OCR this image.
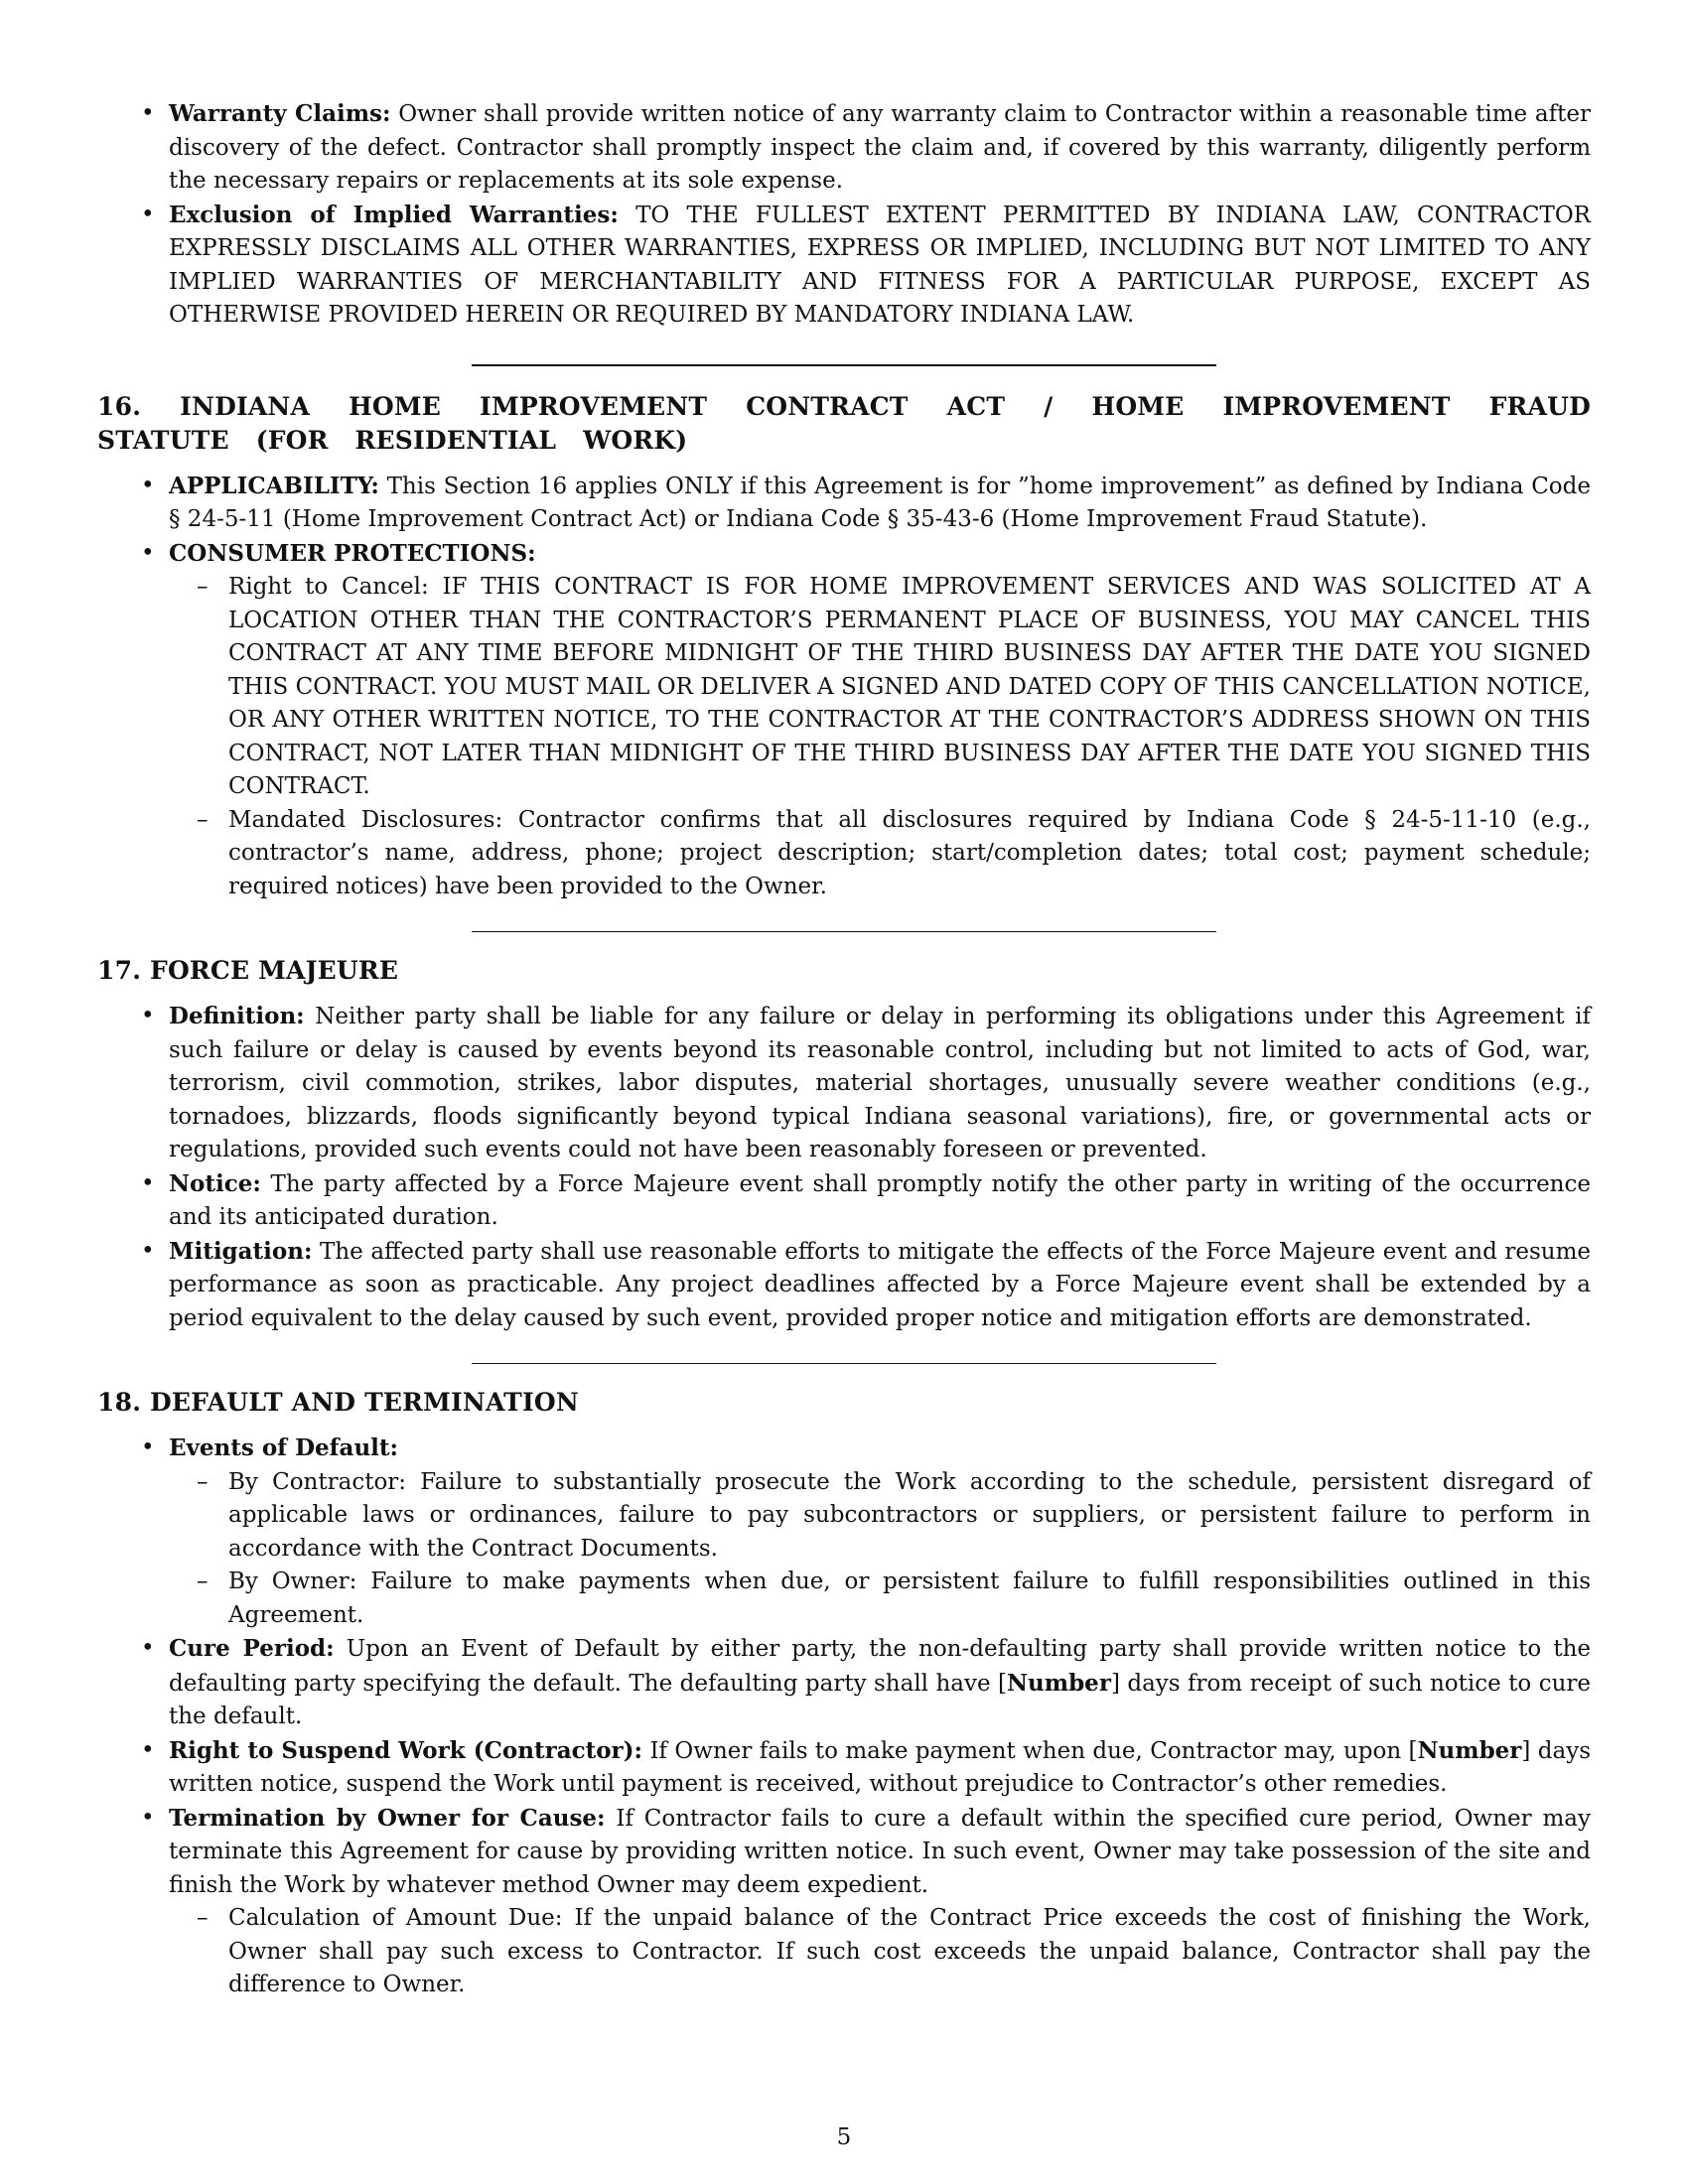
• Warranty Claims: Owner shall provide written notice of any warranty claim to Contractor within a reasonable time after discovery of the defect. Contractor shall promptly inspect the claim and, if covered by this warranty, diligently perform the necessary repairs or replacements at its sole expense.
• Exclusion of Implied Warranties: TO THE FULLEST EXTENT PERMITTED BY INDIANA LAW, CONTRACTOR EXPRESSLY DISCLAIMS ALL OTHER WARRANTIES, EXPRESS OR IMPLIED, INCLUDING BUT NOT LIMITED TO ANY IMPLIED WARRANTIES OF MERCHANTABILITY AND FITNESS FOR A PARTICULAR PURPOSE, EXCEPT AS OTHERWISE PROVIDED HEREIN OR REQUIRED BY MANDATORY INDIANA LAW.
16. INDIANA HOME IMPROVEMENT CONTRACT ACT / HOME IMPROVEMENT FRAUD STATUTE (FOR RESIDENTIAL WORK)
• APPLICABILITY: This Section 16 applies ONLY if this Agreement is for ”home improvement” as defined by Indiana Code § 24-5-11 (Home Improvement Contract Act) or Indiana Code § 35-43-6 (Home Improvement Fraud Statute).
• CONSUMER PROTECTIONS:
– Right to Cancel: IF THIS CONTRACT IS FOR HOME IMPROVEMENT SERVICES AND WAS SOLICITED AT A LOCATION OTHER THAN THE CONTRACTOR’S PERMANENT PLACE OF BUSINESS, YOU MAY CANCEL THIS CONTRACT AT ANY TIME BEFORE MIDNIGHT OF THE THIRD BUSINESS DAY AFTER THE DATE YOU SIGNED THIS CONTRACT. YOU MUST MAIL OR DELIVER A SIGNED AND DATED COPY OF THIS CANCELLATION NOTICE, OR ANY OTHER WRITTEN NOTICE, TO THE CONTRACTOR AT THE CONTRACTOR’S ADDRESS SHOWN ON THIS CONTRACT, NOT LATER THAN MIDNIGHT OF THE THIRD BUSINESS DAY AFTER THE DATE YOU SIGNED THIS CONTRACT.
– Mandated Disclosures: Contractor confirms that all disclosures required by Indiana Code § 24-5-11-10 (e.g., contractor’s name, address, phone; project description; start/completion dates; total cost; payment schedule; required notices) have been provided to the Owner.
17. FORCE MAJEURE
• Definition: Neither party shall be liable for any failure or delay in performing its obligations under this Agreement if such failure or delay is caused by events beyond its reasonable control, including but not limited to acts of God, war, terrorism, civil commotion, strikes, labor disputes, material shortages, unusually severe weather conditions (e.g., tornadoes, blizzards, floods significantly beyond typical Indiana seasonal variations), fire, or governmental acts or regulations, provided such events could not have been reasonably foreseen or prevented.
• Notice: The party affected by a Force Majeure event shall promptly notify the other party in writing of the occurrence and its anticipated duration.
• Mitigation: The affected party shall use reasonable efforts to mitigate the effects of the Force Majeure event and resume performance as soon as practicable. Any project deadlines affected by a Force Majeure event shall be extended by a period equivalent to the delay caused by such event, provided proper notice and mitigation efforts are demonstrated.
18. DEFAULT AND TERMINATION
• Events of Default:
– By Contractor: Failure to substantially prosecute the Work according to the schedule, persistent disregard of applicable laws or ordinances, failure to pay subcontractors or suppliers, or persistent failure to perform in accordance with the Contract Documents.
– By Owner: Failure to make payments when due, or persistent failure to fulfill responsibilities outlined in this Agreement.
• Cure Period: Upon an Event of Default by either party, the non-defaulting party shall provide written notice to the defaulting party specifying the default. The defaulting party shall have [Number] days from receipt of such notice to cure the default.
• Right to Suspend Work (Contractor): If Owner fails to make payment when due, Contractor may, upon [Number] days written notice, suspend the Work until payment is received, without prejudice to Contractor’s other remedies.
• Termination by Owner for Cause: If Contractor fails to cure a default within the specified cure period, Owner may terminate this Agreement for cause by providing written notice. In such event, Owner may take possession of the site and finish the Work by whatever method Owner may deem expedient.
– Calculation of Amount Due: If the unpaid balance of the Contract Price exceeds the cost of finishing the Work, Owner shall pay such excess to Contractor. If such cost exceeds the unpaid balance, Contractor shall pay the difference to Owner.
5
